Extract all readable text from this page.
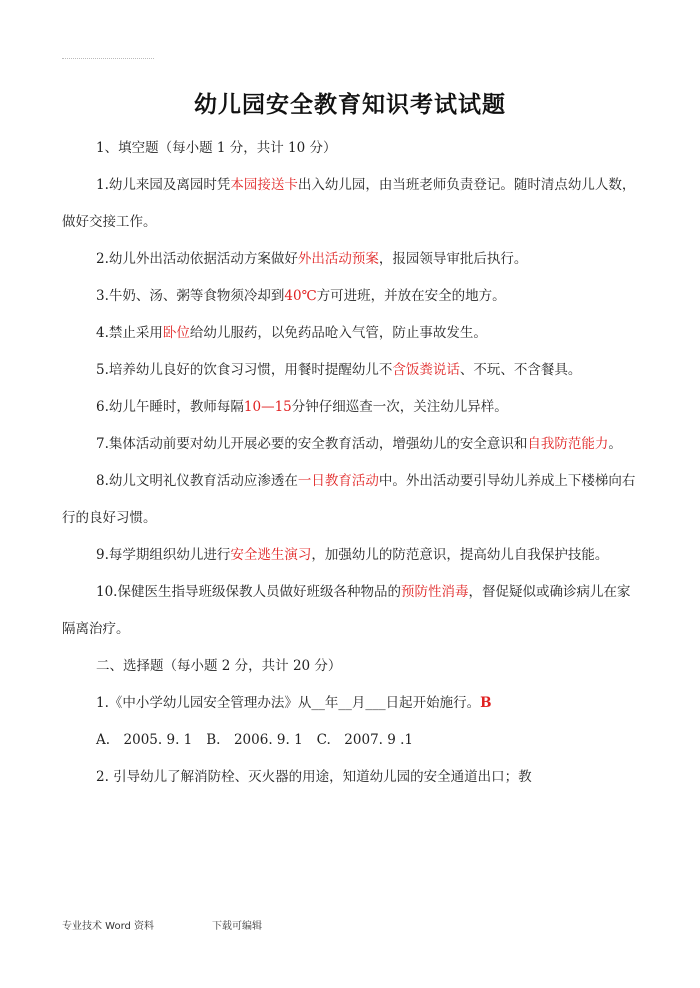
幼儿园安全教育知识考试试题

1、填空题（每小题 1 分，共计 10 分）

1.幼儿来园及离园时凭本园接送卡出入幼儿园，由当班老师负责登记。随时清点幼儿人数，做好交接工作。

2.幼儿外出活动依据活动方案做好外出活动预案，报园领导审批后执行。

3.牛奶、汤、粥等食物须冷却到40℃方可进班，并放在安全的地方。

4.禁止采用卧位给幼儿服药，以免药品呛入气管，防止事故发生。

5.培养幼儿良好的饮食习习惯，用餐时提醒幼儿不含饭粪说话、不玩、不含餐具。

6.幼儿午睡时，教师每隔10—15分钟仔细巡查一次，关注幼儿异样。

7.集体活动前要对幼儿开展必要的安全教育活动，增强幼儿的安全意识和自我防范能力。

8.幼儿文明礼仪教育活动应渗透在一日教育活动中。外出活动要引导幼儿养成上下楼梯向右行的良好习惯。

9.每学期组织幼儿进行安全逃生演习，加强幼儿的防范意识，提高幼儿自我保护技能。

10.保健医生指导班级保教人员做好班级各种物品的预防性消毒，督促疑似或确诊病儿在家隔离治疗。

二、选择题（每小题 2 分，共计 20 分）

1.《中小学幼儿园安全管理办法》从__年__月___日起开始施行。B

A.　2005. 9. 1 B.　2006. 9. 1 C.　2007. 9 .1

2. 引导幼儿了解消防栓、灭火器的用途，知道幼儿园的安全通道出口；教

专业技术 Word 资料	下载可编辑
